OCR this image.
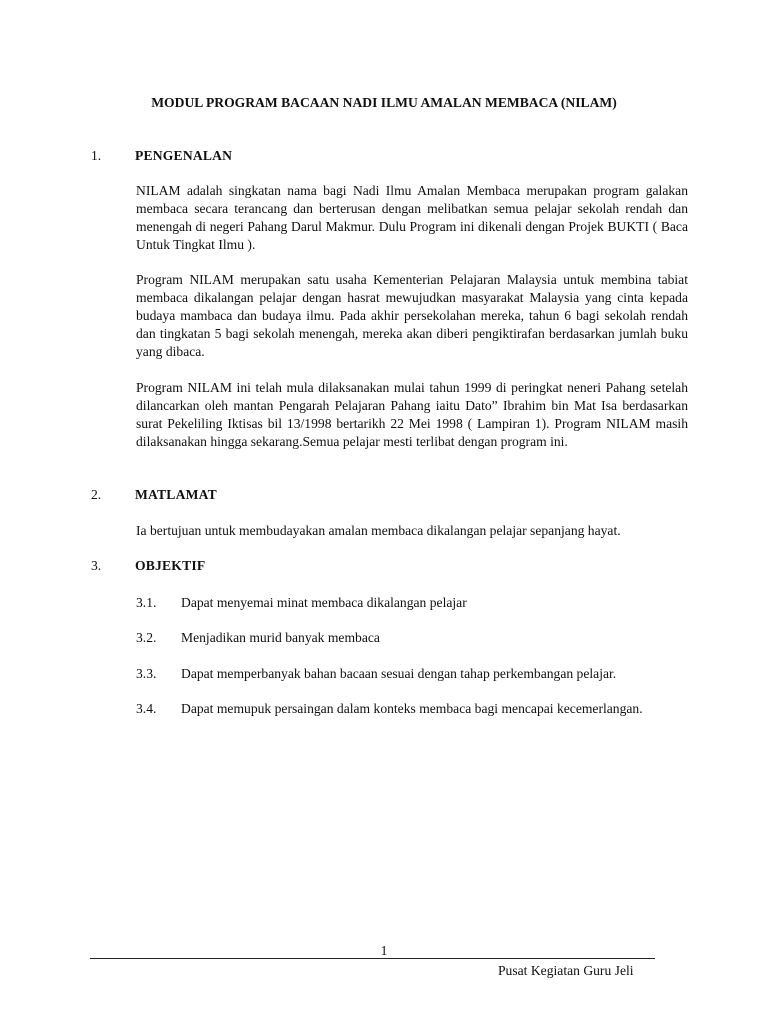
MODUL PROGRAM BACAAN NADI ILMU AMALAN MEMBACA (NILAM)
1. PENGENALAN

NILAM adalah singkatan nama bagi Nadi Ilmu Amalan Membaca merupakan program galakan membaca secara terancang dan berterusan dengan melibatkan semua pelajar sekolah rendah dan menengah di negeri Pahang Darul Makmur. Dulu Program ini dikenali dengan Projek BUKTI ( Baca Untuk Tingkat Ilmu ).

Program NILAM merupakan satu usaha Kementerian Pelajaran Malaysia untuk membina tabiat membaca dikalangan pelajar dengan hasrat mewujudkan masyarakat Malaysia yang cinta kepada budaya mambaca dan budaya ilmu. Pada akhir persekolahan mereka, tahun 6 bagi sekolah rendah dan tingkatan 5 bagi sekolah menengah, mereka akan diberi pengiktirafan berdasarkan jumlah buku yang dibaca.

Program NILAM ini telah mula dilaksanakan mulai tahun 1999 di peringkat neneri Pahang setelah dilancarkan oleh mantan Pengarah Pelajaran Pahang iaitu Dato” Ibrahim bin Mat Isa berdasarkan surat Pekeliling Iktisas bil 13/1998 bertarikh 22 Mei 1998 ( Lampiran 1). Program NILAM masih dilaksanakan hingga sekarang.Semua pelajar mesti terlibat dengan program ini.

2. MATLAMAT

Ia bertujuan untuk membudayakan amalan membaca dikalangan pelajar sepanjang hayat.

3. OBJEKTIF
3.1. Dapat menyemai minat membaca dikalangan pelajar
3.2. Menjadikan murid banyak membaca
3.3. Dapat memperbanyak bahan bacaan sesuai dengan tahap perkembangan pelajar.
3.4. Dapat memupuk persaingan dalam konteks membaca bagi mencapai kecemerlangan.
1
Pusat Kegiatan Guru Jeli
